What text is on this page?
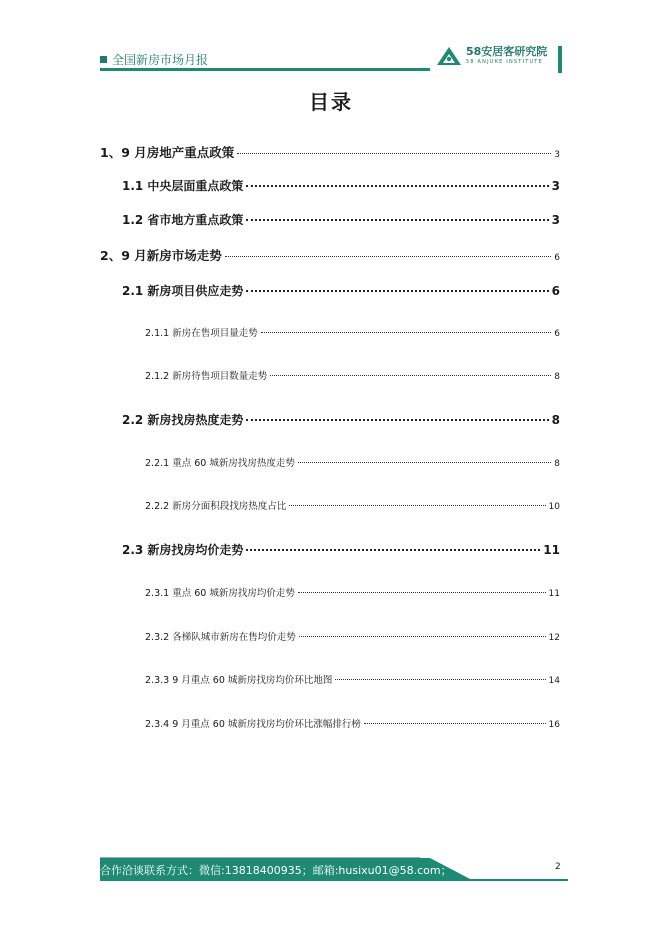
全国新房市场月报
58安居客研究院
58 ANJUKE INSTITUTE
目录
1、9 月房地产重点政策	3
1.1 中央层面重点政策	3
1.2 省市地方重点政策	3
2、9 月新房市场走势	6
2.1 新房项目供应走势	6
2.1.1 新房在售项目量走势	6
2.1.2 新房待售项目数量走势	8
2.2 新房找房热度走势	8
2.2.1 重点 60 城新房找房热度走势	8
2.2.2 新房分面积段找房热度占比	10
2.3 新房找房均价走势	11
2.3.1 重点 60 城新房找房均价走势	11
2.3.2 各梯队城市新房在售均价走势	12
2.3.3 9 月重点 60 城新房找房均价环比地图	14
2.3.4 9 月重点 60 城新房找房均价环比涨幅排行榜	16
合作洽谈联系方式：微信:13818400935；邮箱:husixu01@58.com；	2
